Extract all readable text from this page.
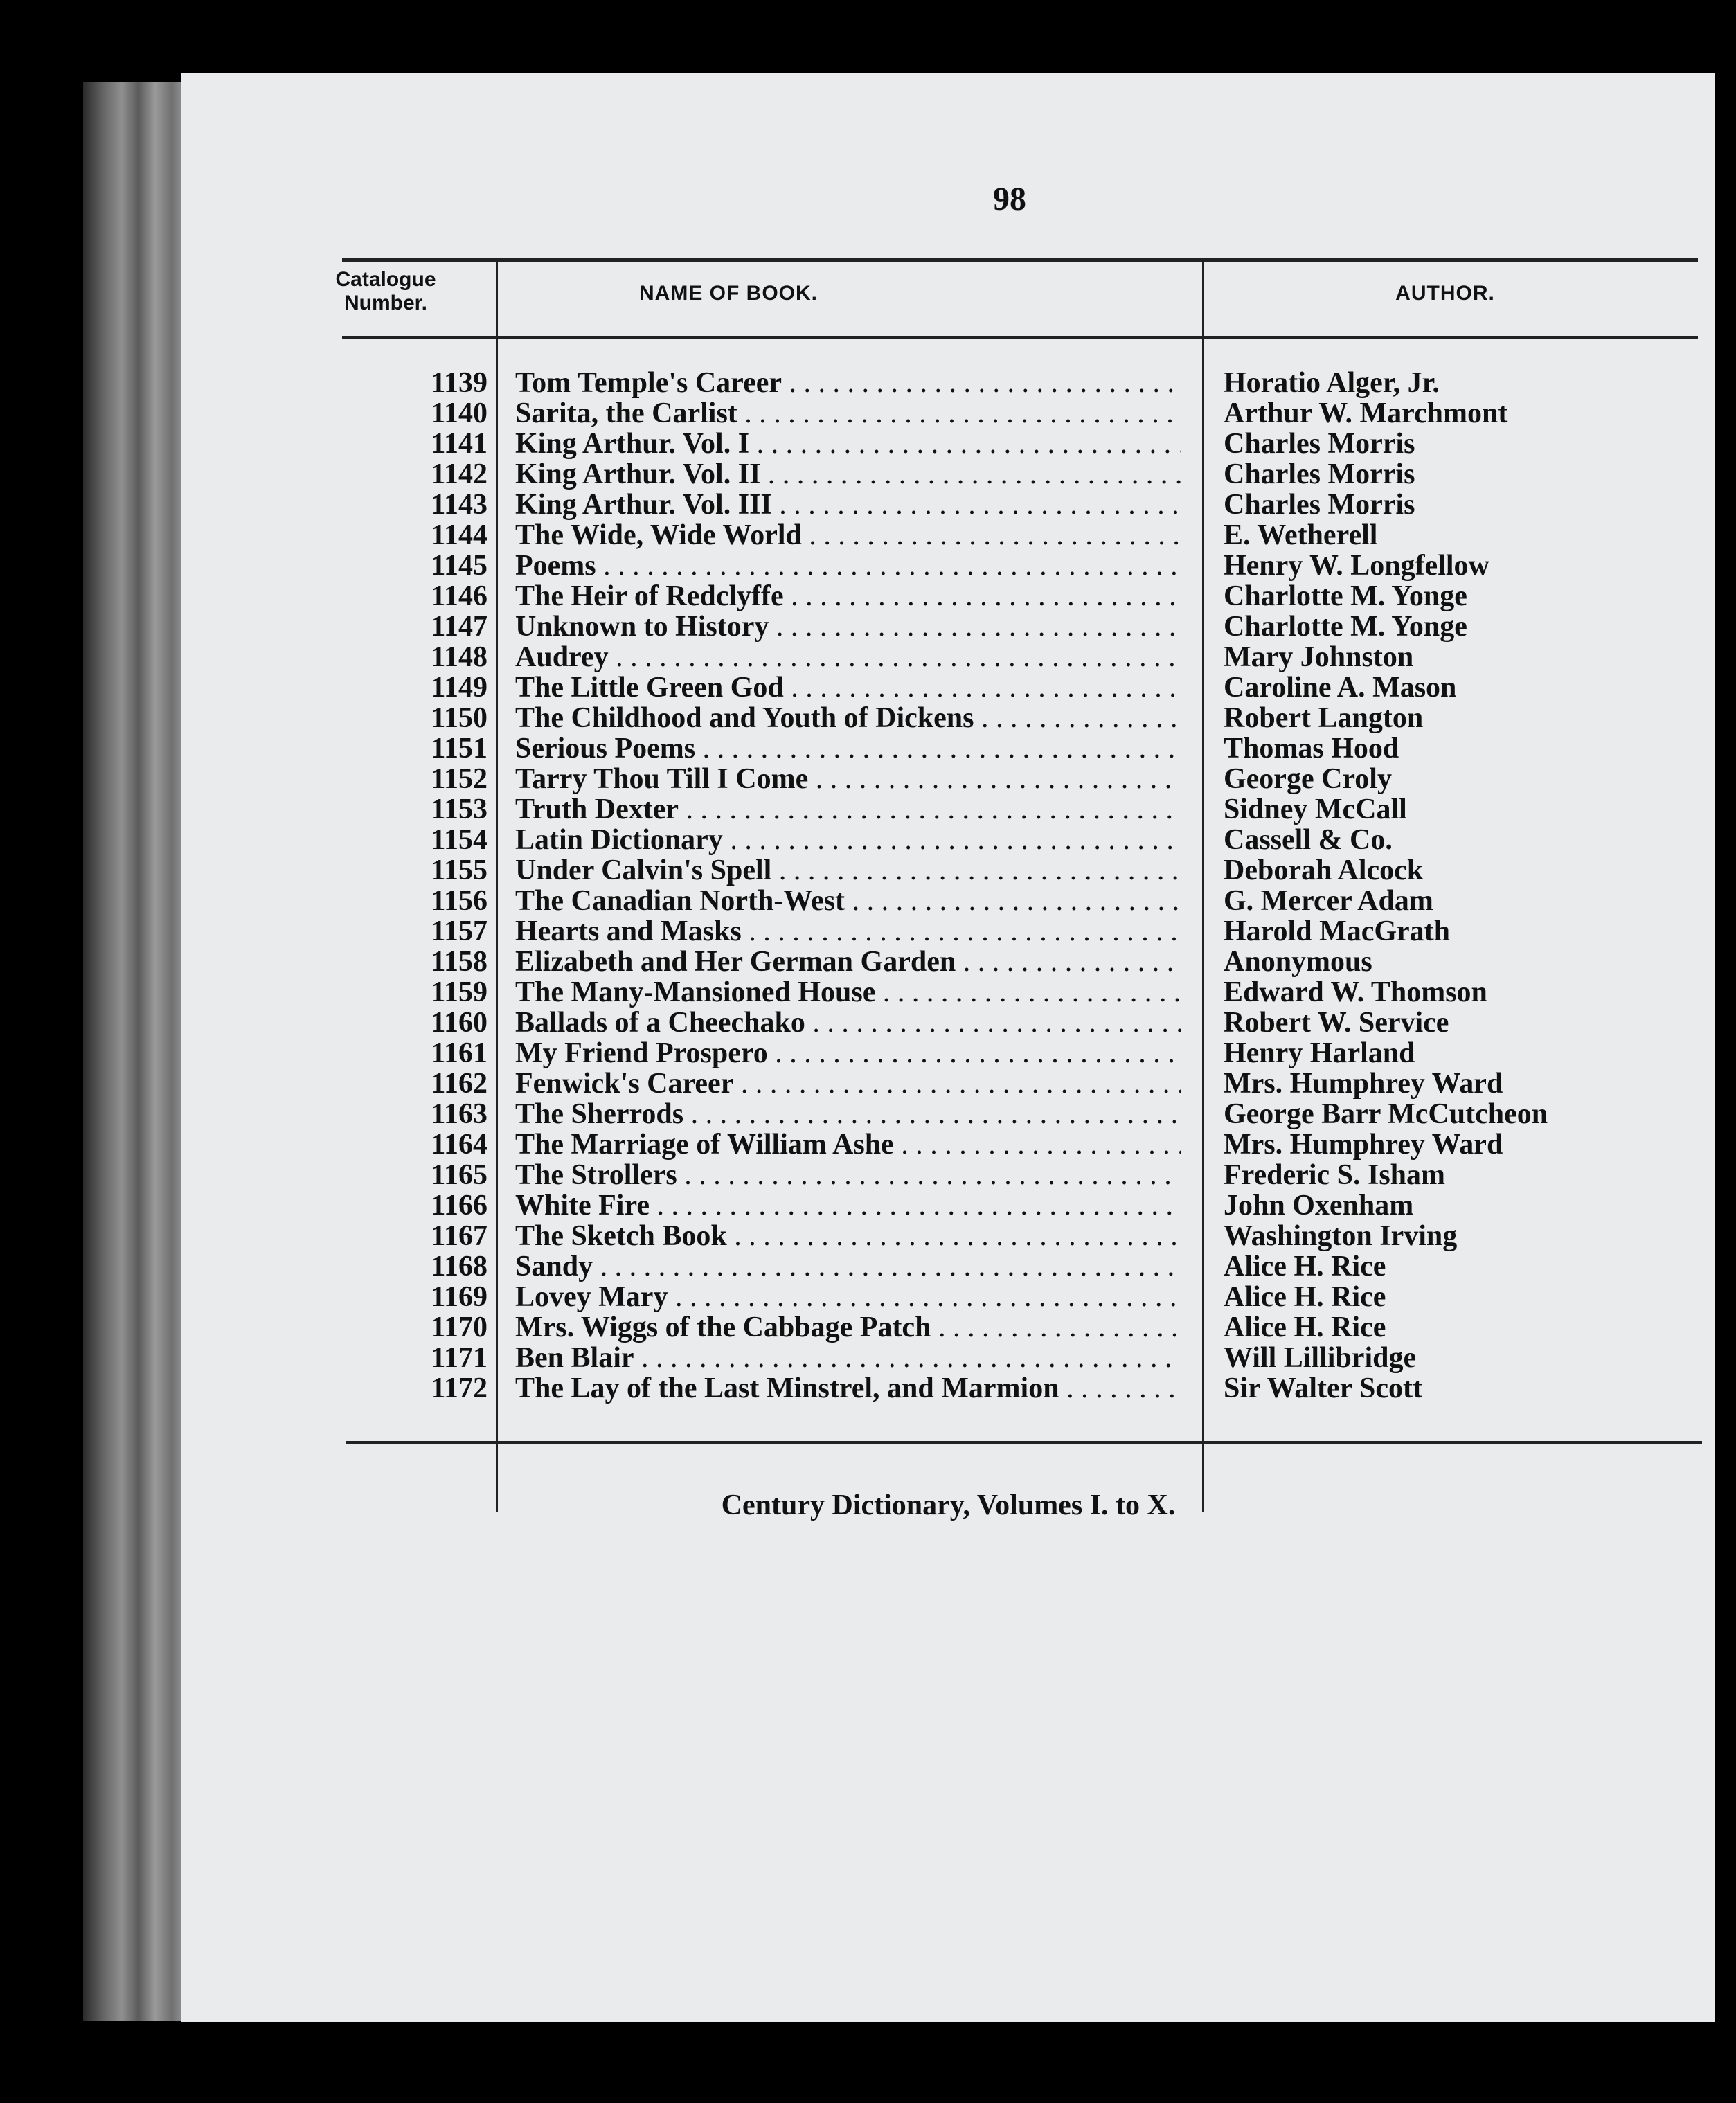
98
Catalogue
Number.	NAME OF BOOK.	AUTHOR.
1139 Tom Temple's Career . . .	Horatio Alger, Jr.
1140 Sarita, the Carlist . . .	Arthur W. Marchmont
1141 King Arthur. Vol. I . . .	Charles Morris
1142 King Arthur. Vol. II . . .	Charles Morris
1143 King Arthur. Vol. III . . .	Charles Morris
1144 The Wide, Wide World . . .	E. Wetherell
1145 Poems . . .	Henry W. Longfellow
1146 The Heir of Redclyffe . . .	Charlotte M. Yonge
1147 Unknown to History . . .	Charlotte M. Yonge
1148 Audrey . . .	Mary Johnston
1149 The Little Green God . . .	Caroline A. Mason
1150 The Childhood and Youth of Dickens . . .	Robert Langton
1151 Serious Poems . . .	Thomas Hood
1152 Tarry Thou Till I Come . . .	George Croly
1153 Truth Dexter . . .	Sidney McCall
1154 Latin Dictionary . . .	Cassell & Co.
1155 Under Calvin's Spell . . .	Deborah Alcock
1156 The Canadian North-West . . .	G. Mercer Adam
1157 Hearts and Masks . . .	Harold MacGrath
1158 Elizabeth and Her German Garden . . .	Anonymous
1159 The Many-Mansioned House . . .	Edward W. Thomson
1160 Ballads of a Cheechako . . .	Robert W. Service
1161 My Friend Prospero . . .	Henry Harland
1162 Fenwick's Career . . .	Mrs. Humphrey Ward
1163 The Sherrods . . .	George Barr McCutcheon
1164 The Marriage of William Ashe . . .	Mrs. Humphrey Ward
1165 The Strollers . . .	Frederic S. Isham
1166 White Fire . . .	John Oxenham
1167 The Sketch Book . . .	Washington Irving
1168 Sandy . . .	Alice H. Rice
1169 Lovey Mary . . .	Alice H. Rice
1170 Mrs. Wiggs of the Cabbage Patch . . .	Alice H. Rice
1171 Ben Blair . . .	Will Lillibridge
1172 The Lay of the Last Minstrel, and Marmion . . .	Sir Walter Scott
Century Dictionary, Volumes I. to X.
